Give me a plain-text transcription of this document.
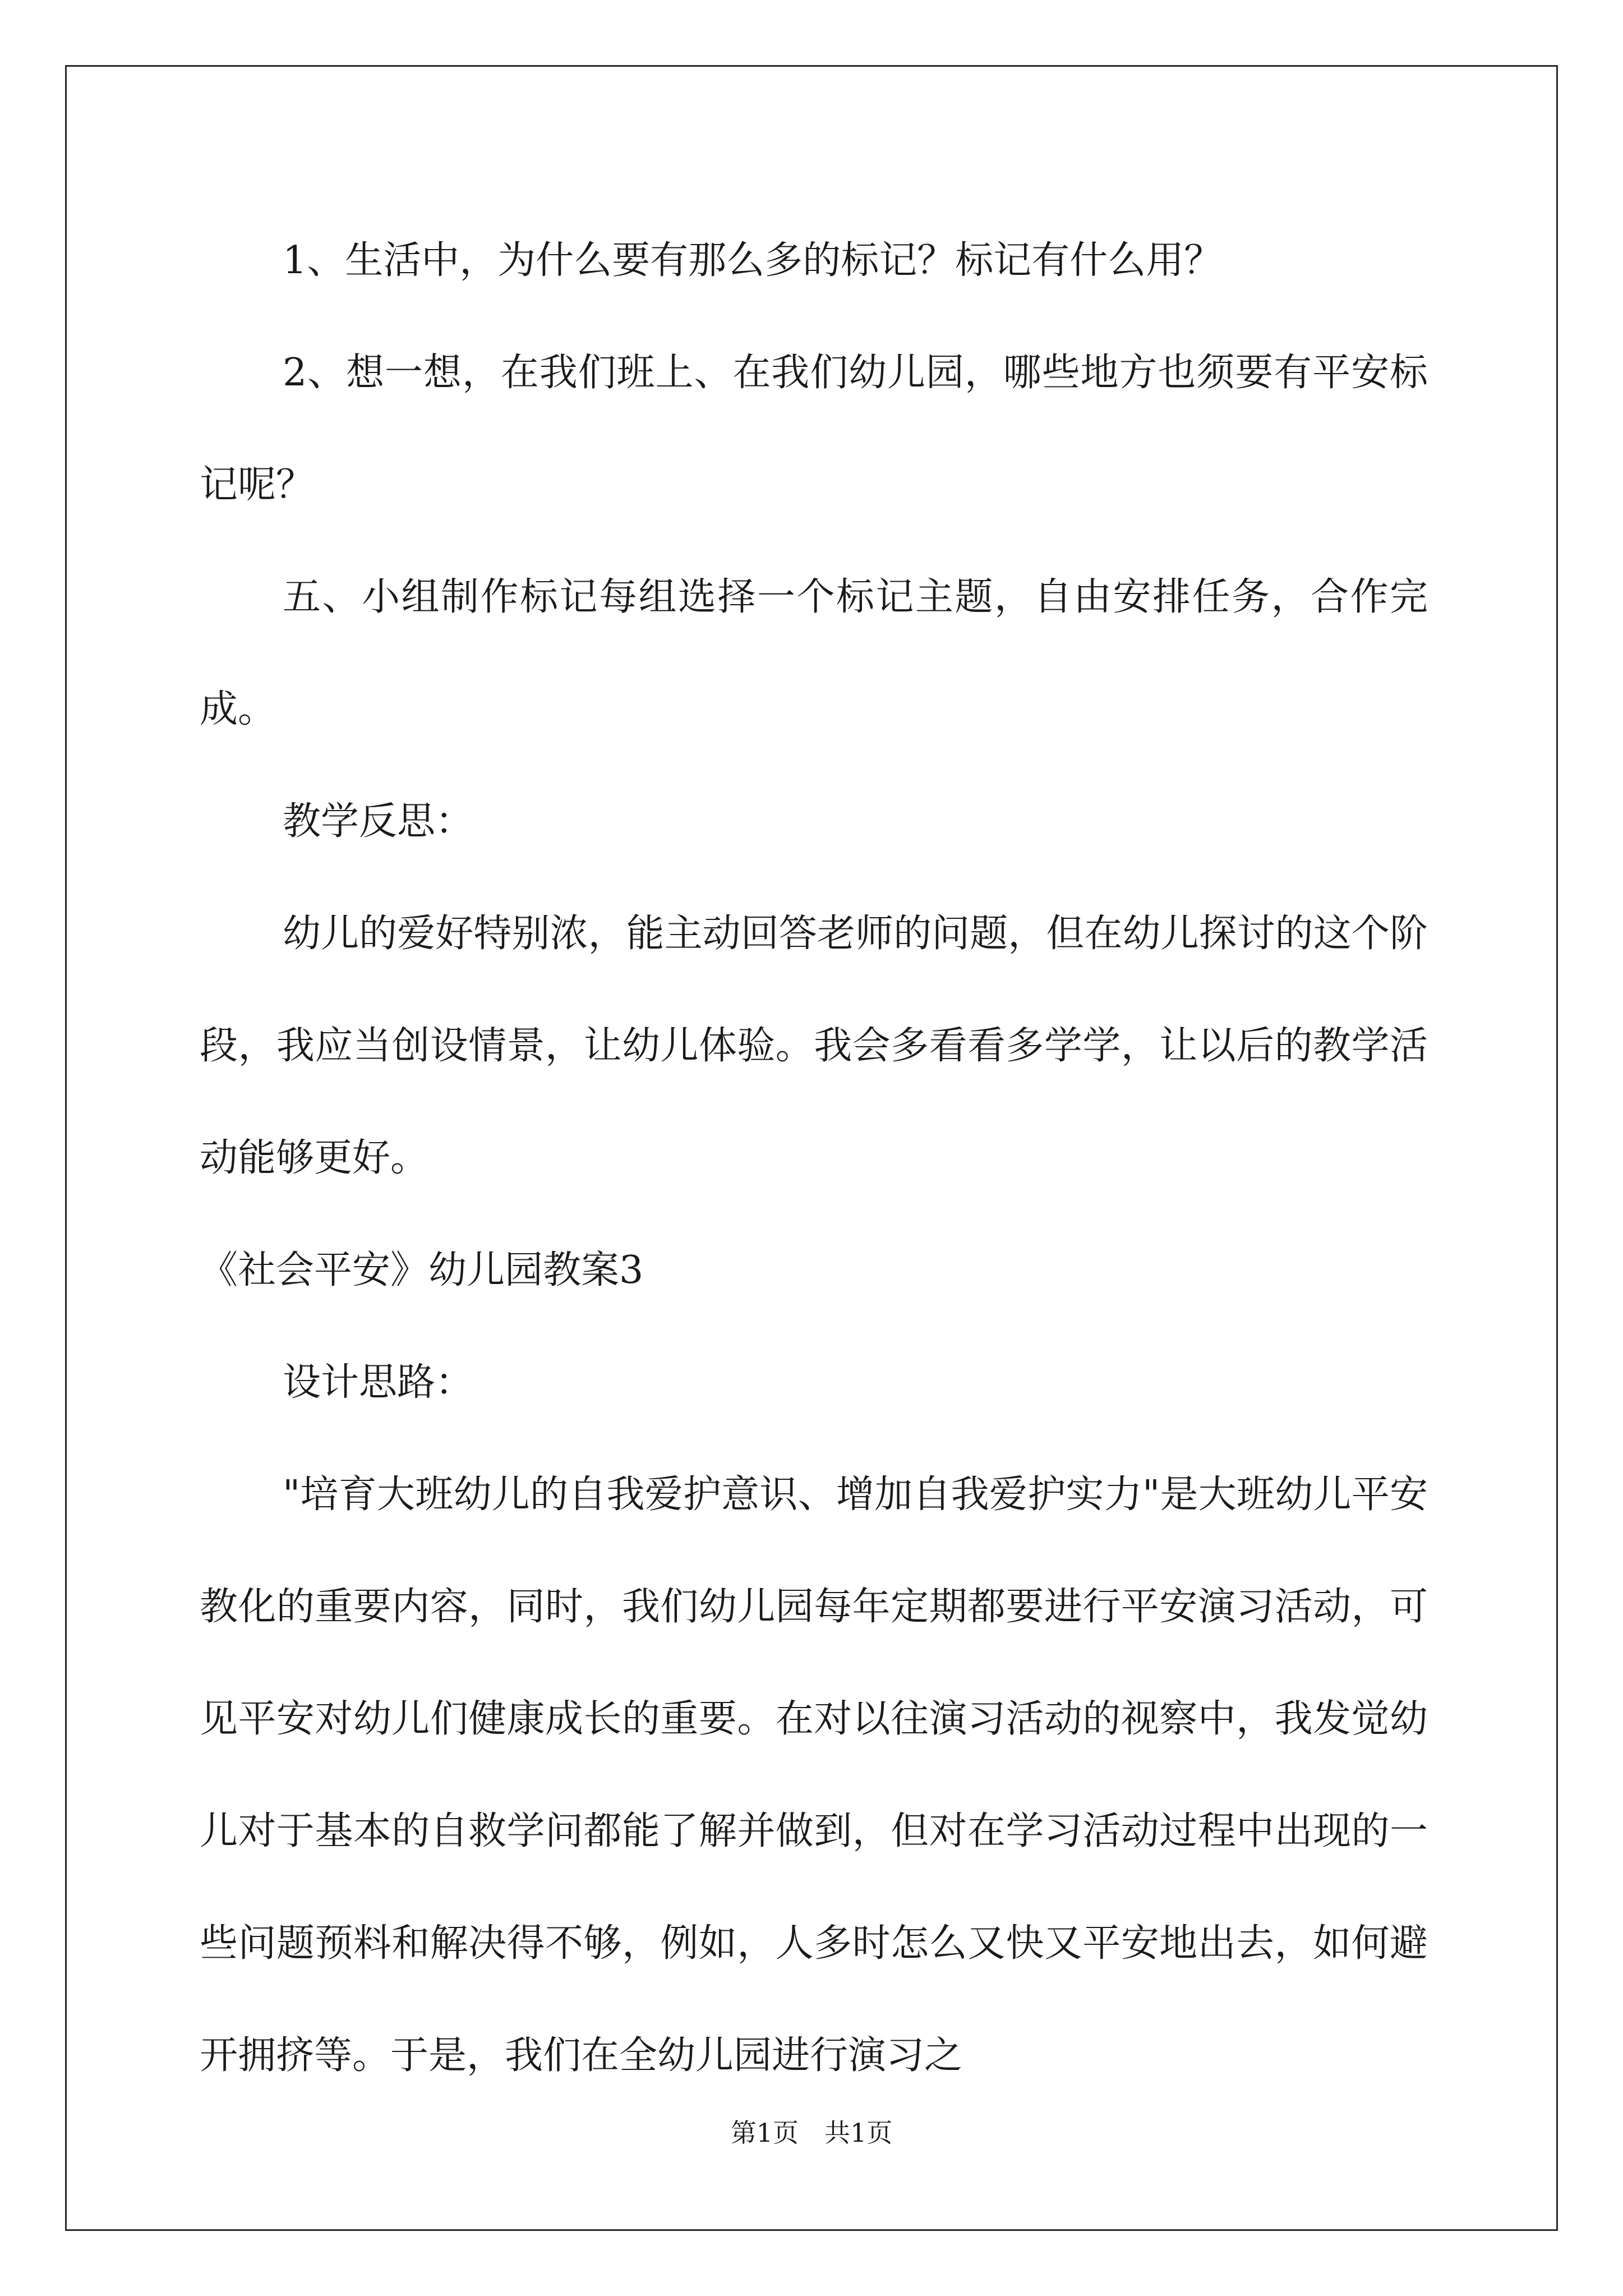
1、生活中，为什么要有那么多的标记？标记有什么用？

2、想一想，在我们班上、在我们幼儿园，哪些地方也须要有平安标记呢？

五、小组制作标记每组选择一个标记主题，自由安排任务，合作完成。

教学反思：

幼儿的爱好特别浓，能主动回答老师的问题，但在幼儿探讨的这个阶段，我应当创设情景，让幼儿体验。我会多看看多学学，让以后的教学活动能够更好。

《社会平安》幼儿园教案3

设计思路：

"培育大班幼儿的自我爱护意识、增加自我爱护实力"是大班幼儿平安教化的重要内容，同时，我们幼儿园每年定期都要进行平安演习活动，可见平安对幼儿们健康成长的重要。在对以往演习活动的视察中，我发觉幼儿对于基本的自救学问都能了解并做到，但对在学习活动过程中出现的一些问题预料和解决得不够，例如，人多时怎么又快又平安地出去，如何避开拥挤等。于是，我们在全幼儿园进行演习之

第1页　共1页
